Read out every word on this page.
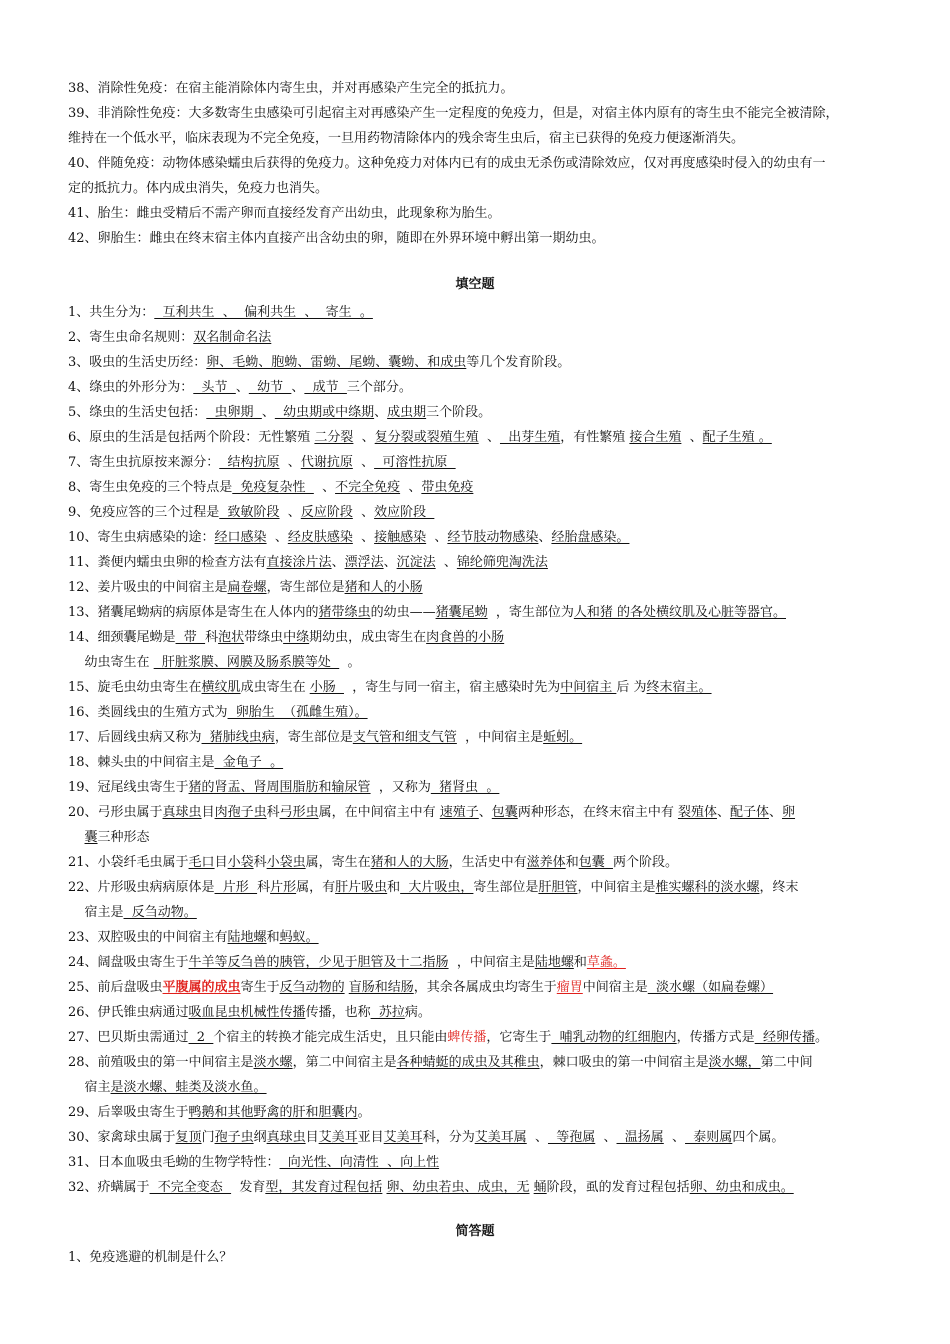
38、消除性免疫：在宿主能消除体内寄生虫，并对再感染产生完全的抵抗力。

39、非消除性免疫：大多数寄生虫感染可引起宿主对再感染产生一定程度的免疫力，但是，对宿主体内原有的寄生虫不能完全被清除，

维持在一个低水平，临床表现为不完全免疫，一旦用药物清除体内的残余寄生虫后，宿主已获得的免疫力便逐渐消失。

40、伴随免疫：动物体感染蠕虫后获得的免疫力。这种免疫力对体内已有的成虫无杀伤或清除效应，仅对再度感染时侵入的幼虫有一

定的抵抗力。体内成虫消失，免疫力也消失。

41、胎生：雌虫受精后不需产卵而直接经发育产出幼虫，此现象称为胎生。

42、卵胎生：雌虫在终末宿主体内直接产出含幼虫的卵，随即在外界环境中孵出第一期幼虫。

填空题

1、共生分为：  互利共生  、  偏利共生  、  寄生  。

2、寄生虫命名规则：双名制命名法

3、吸虫的生活史历经：卵、毛蚴、胞蚴、雷蚴、尾蚴、囊蚴、和成虫等几个发育阶段。

4、绦虫的外形分为：  头节  、  幼节  、  成节  三个部分。

5、绦虫的生活史包括：  虫卵期  、  幼虫期或中绦期、成虫期三个阶段。

6、原虫的生活是包括两个阶段：无性繁殖 二分裂  、复分裂或裂殖生殖  、  出芽生殖，有性繁殖 接合生殖  、配子生殖 。

7、寄生虫抗原按来源分：  结构抗原  、代谢抗原  、  可溶性抗原

8、寄生虫免疫的三个特点是  免疫复杂性    、不完全免疫  、带虫免疫

9、免疫应答的三个过程是  致敏阶段  、反应阶段  、效应阶段

10、寄生虫病感染的途：经口感染  、经皮肤感染  、接触感染  、经节肢动物感染、经胎盘感染。

11、粪便内蠕虫虫卵的检查方法有直接涂片法、漂浮法、沉淀法  、锦纶筛兜淘洗法

12、姜片吸虫的中间宿主是扁卷螺，寄生部位是猪和人的小肠

13、猪囊尾蚴病的病原体是寄生在人体内的猪带绦虫的幼虫——猪囊尾蚴  ，寄生部位为人和猪 的各处横纹肌及心脏等器官。

14、细颈囊尾蚴是  带  科泡状带绦虫中绦期幼虫，成虫寄生在肉食兽的小肠

幼虫寄生在   肝脏浆膜、网膜及肠系膜等处    。

15、旋毛虫幼虫寄生在横纹肌成虫寄生在 小肠    ，寄生与同一宿主，宿主感染时先为中间宿主 后 为终末宿主。

16、类圆线虫的生殖方式为  卵胎生  （孤雌生殖）。

17、后圆线虫病又称为  猪肺线虫病，寄生部位是支气管和细支气管  ，中间宿主是蚯蚓。

18、棘头虫的中间宿主是  金龟子  。

19、冠尾线虫寄生于猪的肾盂、肾周围脂肪和输尿管  ，又称为  猪肾虫  。

20、弓形虫属于真球虫目肉孢子虫科弓形虫属，在中间宿主中有 速殖子、包囊两种形态，在终末宿主中有 裂殖体、配子体、卵

囊三种形态

21、小袋纤毛虫属于毛口目小袋科小袋虫属，寄生在猪和人的大肠，生活史中有滋养体和包囊  两个阶段。

22、片形吸虫病病原体是  片形  科片形属，有肝片吸虫和  大片吸虫，寄生部位是肝胆管，中间宿主是椎实螺科的淡水螺，终末

宿主是  反刍动物。

23、双腔吸虫的中间宿主有陆地螺和蚂蚁。

24、阔盘吸虫寄生于牛羊等反刍兽的胰管，少见于胆管及十二指肠  ，中间宿主是陆地螺和草螽。

25、前后盘吸虫平腹属的成虫寄生于反刍动物的 盲肠和结肠，其余各属成虫均寄生于瘤胃中间宿主是  淡水螺（如扁卷螺）

26、伊氏锥虫病通过吸血昆虫机械性传播传播，也称  苏拉病。

27、巴贝斯虫需通过  2  个宿主的转换才能完成生活史，且只能由蜱传播，它寄生于  哺乳动物的红细胞内，传播方式是  经卵传播。

28、前殖吸虫的第一中间宿主是淡水螺，第二中间宿主是各种蜻蜓的成虫及其稚虫，棘口吸虫的第一中间宿主是淡水螺，第二中间

宿主是淡水螺、蛙类及淡水鱼。

29、后睾吸虫寄生于鸭鹅和其他野禽的肝和胆囊内。

30、家禽球虫属于复顶门孢子虫纲真球虫目艾美耳亚目艾美耳科，分为艾美耳属  、  等孢属  、  温扬属  、  泰则属四个属。

31、日本血吸虫毛蚴的生物学特性：  向光性、向清性  、向上性

32、疥螨属于  不完全变态    发育型，其发育过程包括 卵、幼虫若虫、成虫，无 蛹阶段，虱的发育过程包括卵、幼虫和成虫。

简答题

1、免疫逃避的机制是什么？
